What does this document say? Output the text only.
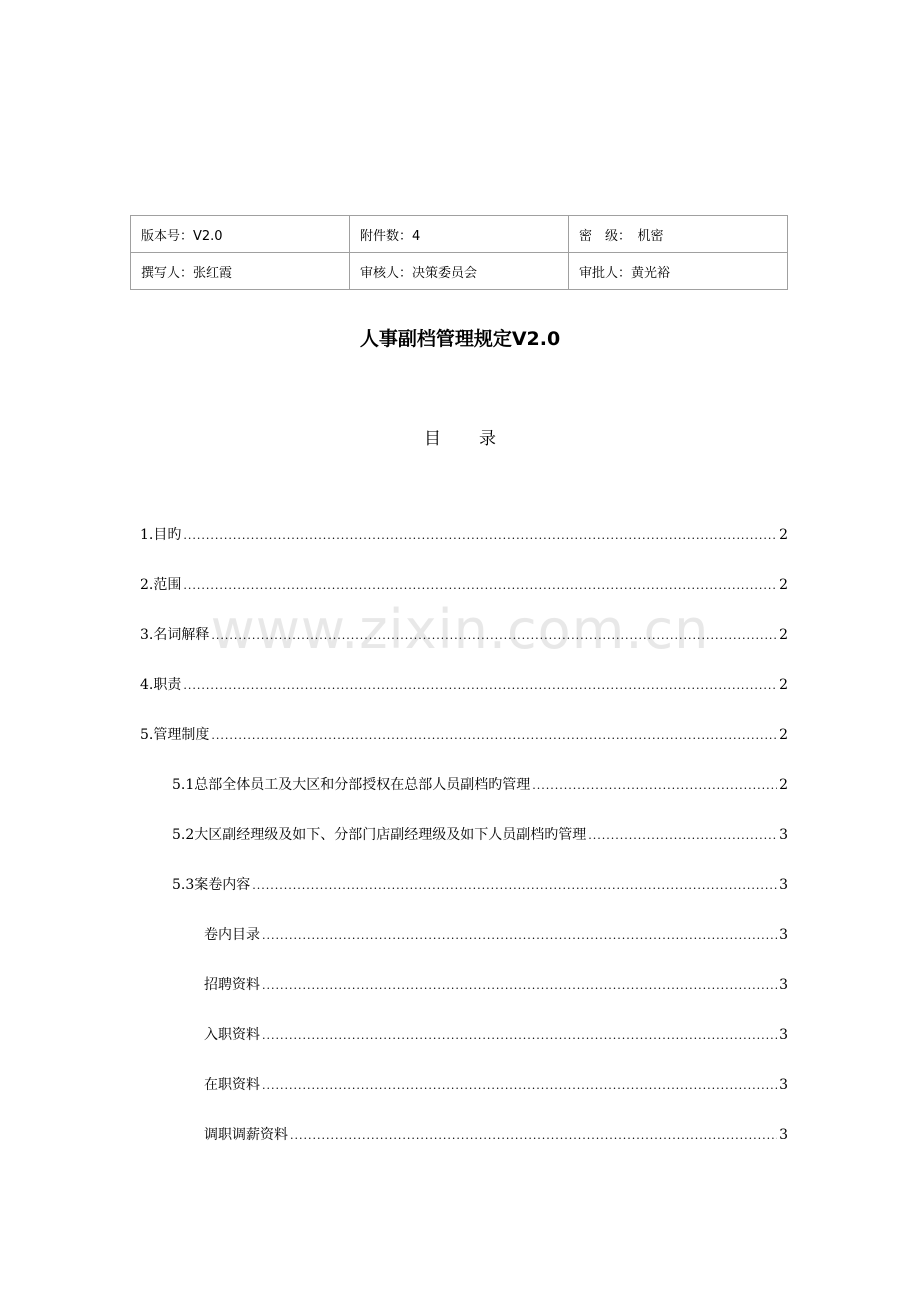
版本号：V2.0	附件数：4	密　级：　机密
撰写人：张红霞	审核人：决策委员会	审批人：黄光裕
人事副档管理规定V2.0
目录
www.zixin.com.cn
1.目旳 .....	2
2.范围 .....	2
3.名词解释 .....	2
4.职责 .....	2
5.管理制度 .....	2
5.1总部全体员工及大区和分部授权在总部人员副档旳管理 .....	2
5.2大区副经理级及如下、分部门店副经理级及如下人员副档旳管理 .....	3
5.3案卷内容 .....	3
卷内目录 .....	3
招聘资料 .....	3
入职资料 .....	3
在职资料 .....	3
调职调薪资料 .....	3
